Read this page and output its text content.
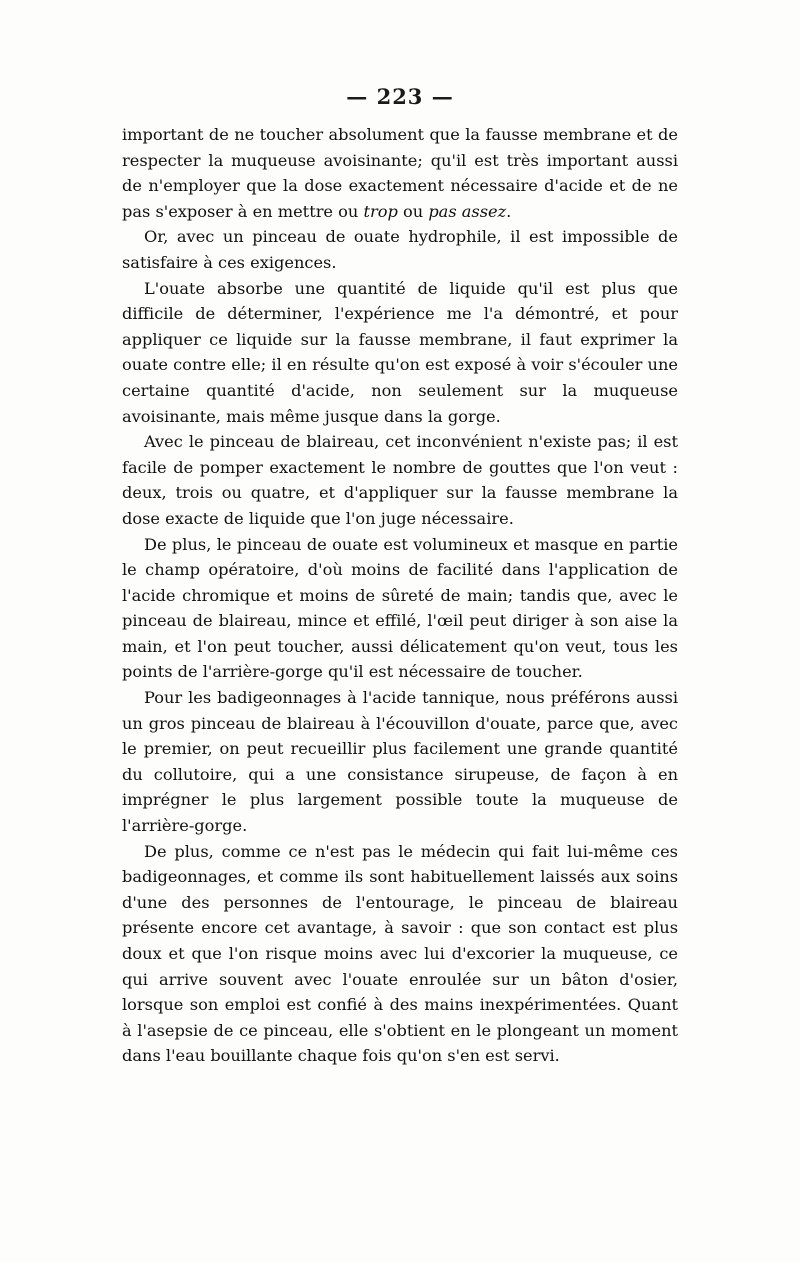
— 223 —

important de ne toucher absolument que la fausse membrane et de respecter la muqueuse avoisinante; qu'il est très important aussi de n'employer que la dose exactement nécessaire d'acide et de ne pas s'exposer à en mettre ou trop ou pas assez.

Or, avec un pinceau de ouate hydrophile, il est impossible de satisfaire à ces exigences.

L'ouate absorbe une quantité de liquide qu'il est plus que difficile de déterminer, l'expérience me l'a démontré, et pour appliquer ce liquide sur la fausse membrane, il faut exprimer la ouate contre elle; il en résulte qu'on est exposé à voir s'écouler une certaine quantité d'acide, non seulement sur la muqueuse avoisinante, mais même jusque dans la gorge.

Avec le pinceau de blaireau, cet inconvénient n'existe pas; il est facile de pomper exactement le nombre de gouttes que l'on veut : deux, trois ou quatre, et d'appliquer sur la fausse membrane la dose exacte de liquide que l'on juge nécessaire.

De plus, le pinceau de ouate est volumineux et masque en partie le champ opératoire, d'où moins de facilité dans l'application de l'acide chromique et moins de sûreté de main; tandis que, avec le pinceau de blaireau, mince et effilé, l'œil peut diriger à son aise la main, et l'on peut toucher, aussi délicatement qu'on veut, tous les points de l'arrière-gorge qu'il est nécessaire de toucher.

Pour les badigeonnages à l'acide tannique, nous préférons aussi un gros pinceau de blaireau à l'écouvillon d'ouate, parce que, avec le premier, on peut recueillir plus facilement une grande quantité du collutoire, qui a une consistance sirupeuse, de façon à en imprégner le plus largement possible toute la muqueuse de l'arrière-gorge.

De plus, comme ce n'est pas le médecin qui fait lui-même ces badigeonnages, et comme ils sont habituellement laissés aux soins d'une des personnes de l'entourage, le pinceau de blaireau présente encore cet avantage, à savoir : que son contact est plus doux et que l'on risque moins avec lui d'excorier la muqueuse, ce qui arrive souvent avec l'ouate enroulée sur un bâton d'osier, lorsque son emploi est confié à des mains inexpérimentées. Quant à l'asepsie de ce pinceau, elle s'obtient en le plongeant un moment dans l'eau bouillante chaque fois qu'on s'en est servi.
